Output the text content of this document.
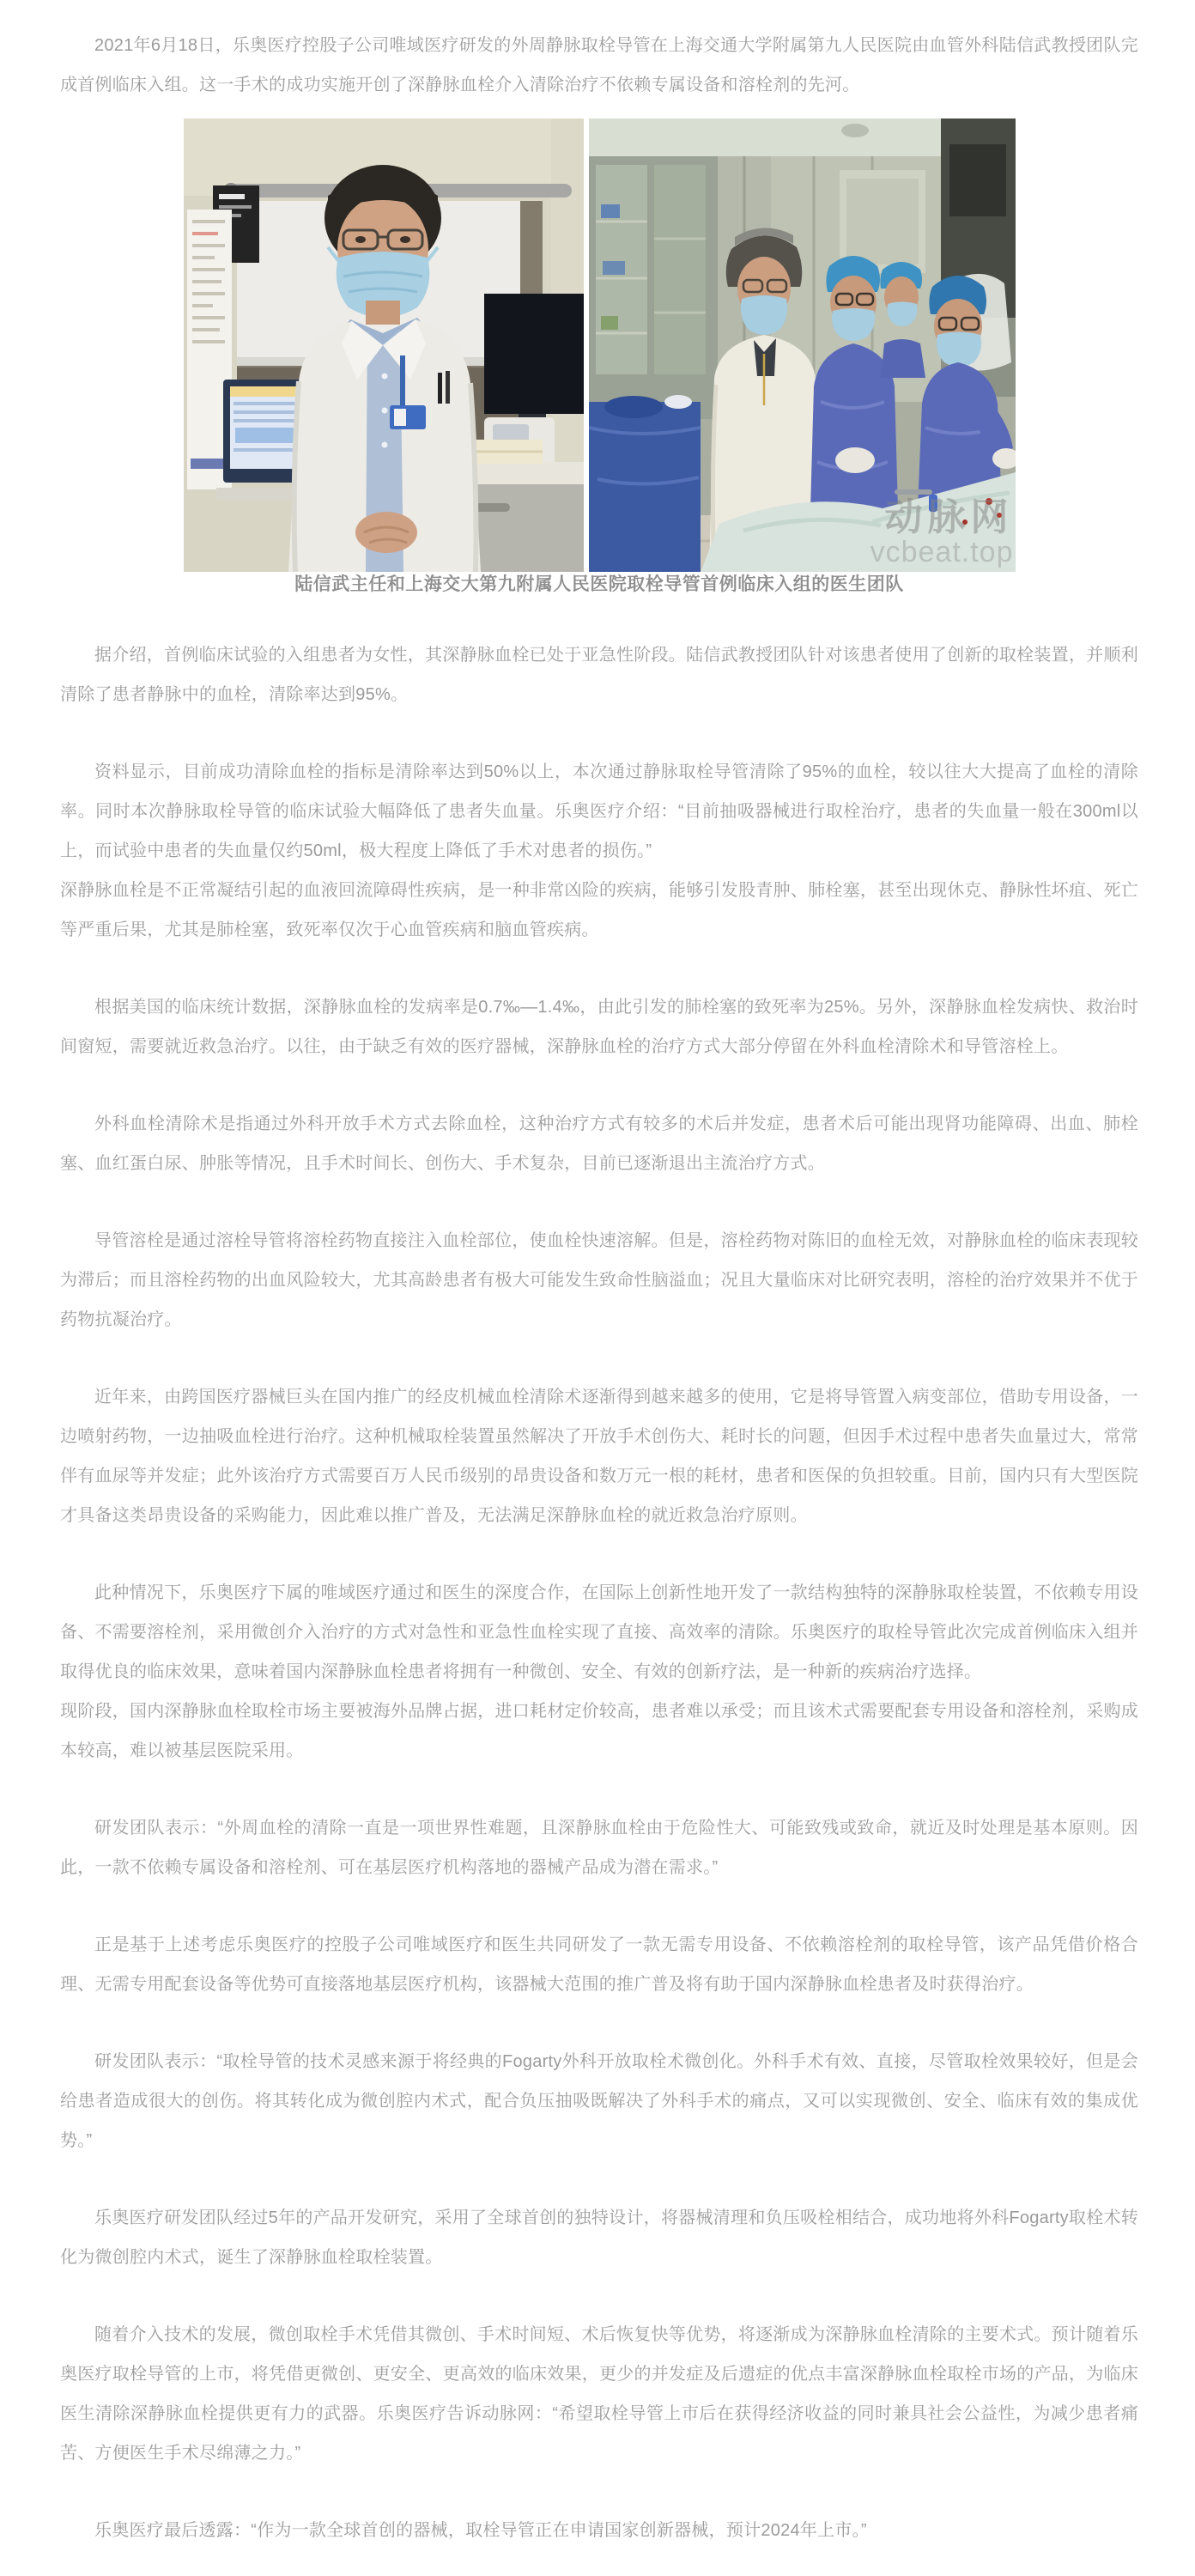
2021年6月18日，乐奥医疗控股子公司唯域医疗研发的外周静脉取栓导管在上海交通大学附属第九人民医院由血管外科陆信武教授团队完成首例临床入组。这一手术的成功实施开创了深静脉血栓介入清除治疗不依赖专属设备和溶栓剂的先河。

动脉网
vcbeat.top

陆信武主任和上海交大第九附属人民医院取栓导管首例临床入组的医生团队

据介绍，首例临床试验的入组患者为女性，其深静脉血栓已处于亚急性阶段。陆信武教授团队针对该患者使用了创新的取栓装置，并顺利清除了患者静脉中的血栓，清除率达到95%。

资料显示，目前成功清除血栓的指标是清除率达到50%以上，本次通过静脉取栓导管清除了95%的血栓，较以往大大提高了血栓的清除率。同时本次静脉取栓导管的临床试验大幅降低了患者失血量。乐奥医疗介绍：“目前抽吸器械进行取栓治疗，患者的失血量一般在300ml以上，而试验中患者的失血量仅约50ml，极大程度上降低了手术对患者的损伤。”

深静脉血栓是不正常凝结引起的血液回流障碍性疾病，是一种非常凶险的疾病，能够引发股青肿、肺栓塞，甚至出现休克、静脉性坏疽、死亡等严重后果，尤其是肺栓塞，致死率仅次于心血管疾病和脑血管疾病。

根据美国的临床统计数据，深静脉血栓的发病率是0.7‰—1.4‰，由此引发的肺栓塞的致死率为25%。另外，深静脉血栓发病快、救治时间窗短，需要就近救急治疗。以往，由于缺乏有效的医疗器械，深静脉血栓的治疗方式大部分停留在外科血栓清除术和导管溶栓上。

外科血栓清除术是指通过外科开放手术方式去除血栓，这种治疗方式有较多的术后并发症，患者术后可能出现肾功能障碍、出血、肺栓塞、血红蛋白尿、肿胀等情况，且手术时间长、创伤大、手术复杂，目前已逐渐退出主流治疗方式。

导管溶栓是通过溶栓导管将溶栓药物直接注入血栓部位，使血栓快速溶解。但是，溶栓药物对陈旧的血栓无效，对静脉血栓的临床表现较为滞后；而且溶栓药物的出血风险较大，尤其高龄患者有极大可能发生致命性脑溢血；况且大量临床对比研究表明，溶栓的治疗效果并不优于药物抗凝治疗。

近年来，由跨国医疗器械巨头在国内推广的经皮机械血栓清除术逐渐得到越来越多的使用，它是将导管置入病变部位，借助专用设备，一边喷射药物，一边抽吸血栓进行治疗。这种机械取栓装置虽然解决了开放手术创伤大、耗时长的问题，但因手术过程中患者失血量过大，常常伴有血尿等并发症；此外该治疗方式需要百万人民币级别的昂贵设备和数万元一根的耗材，患者和医保的负担较重。目前，国内只有大型医院才具备这类昂贵设备的采购能力，因此难以推广普及，无法满足深静脉血栓的就近救急治疗原则。

此种情况下，乐奥医疗下属的唯域医疗通过和医生的深度合作，在国际上创新性地开发了一款结构独特的深静脉取栓装置，不依赖专用设备、不需要溶栓剂，采用微创介入治疗的方式对急性和亚急性血栓实现了直接、高效率的清除。乐奥医疗的取栓导管此次完成首例临床入组并取得优良的临床效果，意味着国内深静脉血栓患者将拥有一种微创、安全、有效的创新疗法，是一种新的疾病治疗选择。

现阶段，国内深静脉血栓取栓市场主要被海外品牌占据，进口耗材定价较高，患者难以承受；而且该术式需要配套专用设备和溶栓剂，采购成本较高，难以被基层医院采用。

研发团队表示：“外周血栓的清除一直是一项世界性难题，且深静脉血栓由于危险性大、可能致残或致命，就近及时处理是基本原则。因此，一款不依赖专属设备和溶栓剂、可在基层医疗机构落地的器械产品成为潜在需求。”

正是基于上述考虑乐奥医疗的控股子公司唯域医疗和医生共同研发了一款无需专用设备、不依赖溶栓剂的取栓导管，该产品凭借价格合理、无需专用配套设备等优势可直接落地基层医疗机构，该器械大范围的推广普及将有助于国内深静脉血栓患者及时获得治疗。

研发团队表示：“取栓导管的技术灵感来源于将经典的Fogarty外科开放取栓术微创化。外科手术有效、直接，尽管取栓效果较好，但是会给患者造成很大的创伤。将其转化成为微创腔内术式，配合负压抽吸既解决了外科手术的痛点，又可以实现微创、安全、临床有效的集成优势。”

乐奥医疗研发团队经过5年的产品开发研究，采用了全球首创的独特设计，将器械清理和负压吸栓相结合，成功地将外科Fogarty取栓术转化为微创腔内术式，诞生了深静脉血栓取栓装置。

随着介入技术的发展，微创取栓手术凭借其微创、手术时间短、术后恢复快等优势，将逐渐成为深静脉血栓清除的主要术式。预计随着乐奥医疗取栓导管的上市，将凭借更微创、更安全、更高效的临床效果，更少的并发症及后遗症的优点丰富深静脉血栓取栓市场的产品，为临床医生清除深静脉血栓提供更有力的武器。乐奥医疗告诉动脉网：“希望取栓导管上市后在获得经济收益的同时兼具社会公益性，为减少患者痛苦、方便医生手术尽绵薄之力。”

乐奥医疗最后透露：“作为一款全球首创的器械，取栓导管正在申请国家创新器械，预计2024年上市。”
